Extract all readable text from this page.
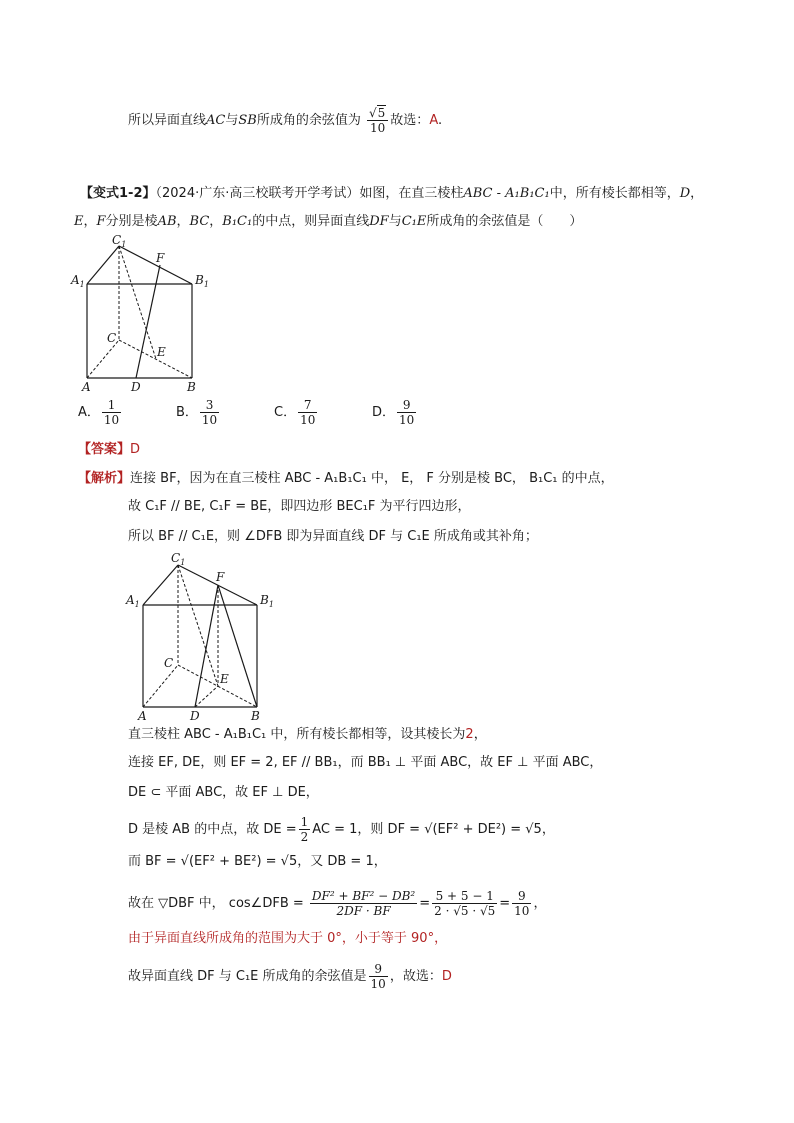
所以异面直线AC与SB所成角的余弦值为 $\frac{√5}{10}$ 故选：A.
【变式1-2】（2024·广东·高三校联考开学考试）如图，在直三棱柱ABC - A₁B₁C₁中，所有棱长都相等，D，
E，F分别是棱AB，BC，B₁C₁的中点，则异面直线DF与C₁E所成角的余弦值是（　　）
$C_1$
F
$A_1$	$B_1$
C
E
A	D	B
A． $\frac{1}{10}$	B． $\frac{3}{10}$	C． $\frac{7}{10}$	D． $\frac{9}{10}$
【答案】D
【解析】连接 BF，因为在直三棱柱 ABC - A₁B₁C₁ 中， E， F 分别是棱 BC， B₁C₁ 的中点，
故 C₁F // BE, C₁F = BE，即四边形 BEC₁F 为平行四边形，
所以 BF // C₁E，则 ∠DFB 即为异面直线 DF 与 C₁E 所成角或其补角；
$C_1$
F
$A_1$	$B_1$
C
E
A	D	B
直三棱柱 ABC - A₁B₁C₁ 中，所有棱长都相等，设其棱长为2，
连接 EF, DE，则 EF = 2, EF // BB₁，而 BB₁ ⊥ 平面 ABC，故 EF ⊥ 平面 ABC，
DE ⊂ 平面 ABC，故 EF ⊥ DE，
D 是棱 AB 的中点，故 DE = $\frac{1}{2}$ AC = 1，则 DF = √(EF² + DE²) = √5，
而 BF = √(EF² + BE²) = √5，又 DB = 1，
故在 ▽DBF 中， cos∠DFB = $\frac{\text{DF² + BF² − DB²}}{2DF \cdot BF} = \frac{5 + 5 - 1}{2 \cdot √5 \cdot √5} = \frac{9}{10}$ ，
由于异面直线所成角的范围为大于 0°，小于等于 90°，
故异面直线 DF 与 C₁E 所成角的余弦值是 $\frac{9}{10}$ ，故选：D
